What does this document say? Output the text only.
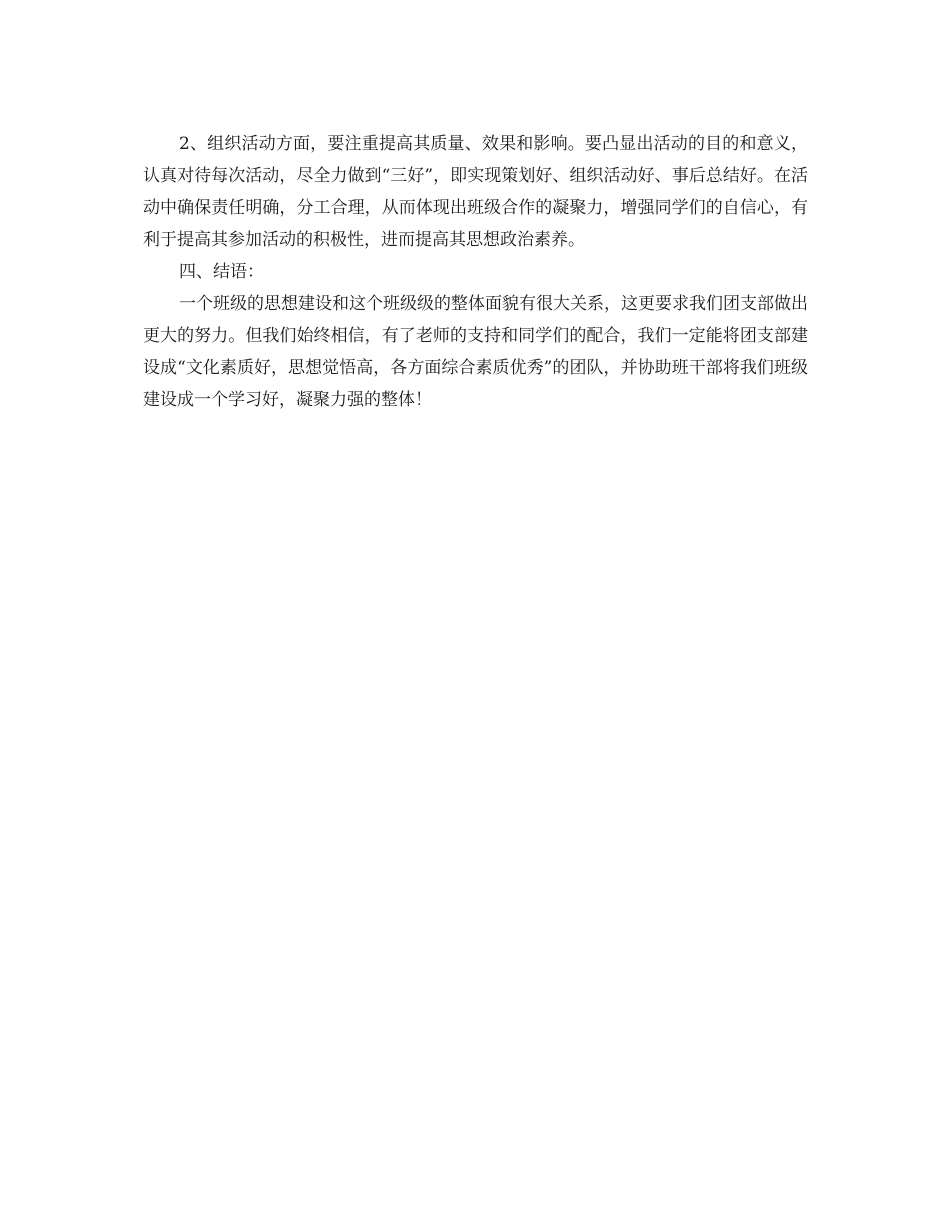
2、组织活动方面，要注重提高其质量、效果和影响。要凸显出活动的目的和意义，认真对待每次活动，尽全力做到“三好”，即实现策划好、组织活动好、事后总结好。在活动中确保责任明确，分工合理，从而体现出班级合作的凝聚力，增强同学们的自信心，有利于提高其参加活动的积极性，进而提高其思想政治素养。

四、结语：

一个班级的思想建设和这个班级级的整体面貌有很大关系，这更要求我们团支部做出更大的努力。但我们始终相信，有了老师的支持和同学们的配合，我们一定能将团支部建设成“文化素质好，思想觉悟高，各方面综合素质优秀”的团队，并协助班干部将我们班级建设成一个学习好，凝聚力强的整体！
